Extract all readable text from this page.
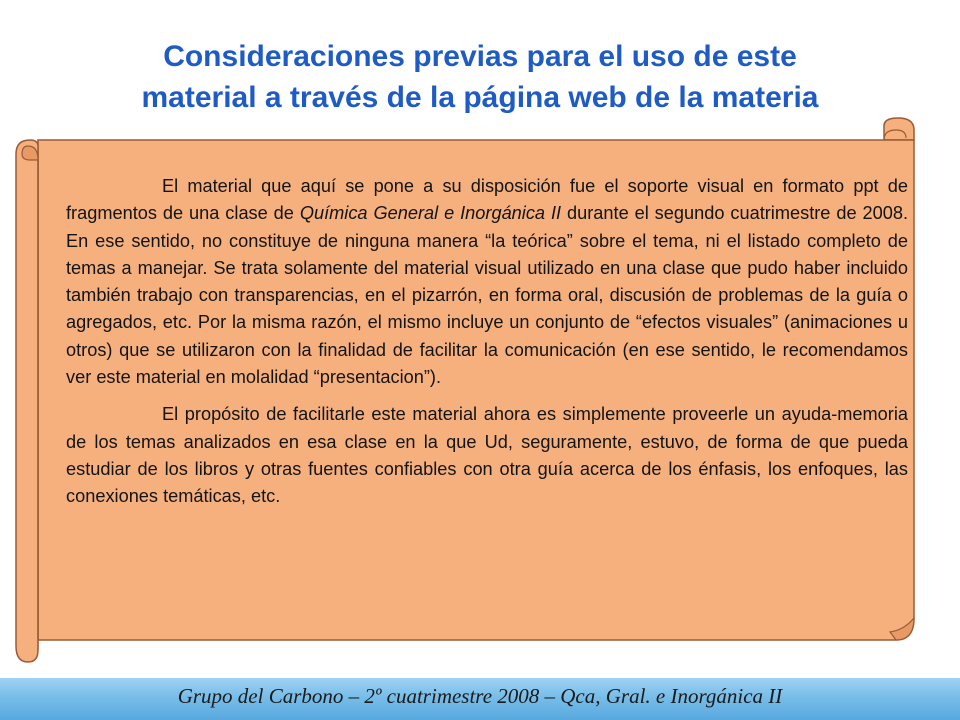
Consideraciones previas para el uso de este
material a través de la página web de la materia

El material que aquí se pone a su disposición fue el soporte visual en formato ppt de fragmentos de una clase de Química General e Inorgánica II durante el segundo cuatrimestre de 2008. En ese sentido, no constituye de ninguna manera “la teórica” sobre el tema, ni el listado completo de temas a manejar. Se trata solamente del material visual utilizado en una clase que pudo haber incluido también trabajo con transparencias, en el pizarrón, en forma oral, discusión de problemas de la guía o agregados, etc. Por la misma razón, el mismo incluye un conjunto de “efectos visuales” (animaciones u otros) que se utilizaron con la finalidad de facilitar la comunicación (en ese sentido, le recomendamos ver este material en molalidad “presentacion”).

El propósito de facilitarle este material ahora es simplemente proveerle un ayuda-memoria de los temas analizados en esa clase en la que Ud, seguramente, estuvo, de forma de que pueda estudiar de los libros y otras fuentes confiables con otra guía acerca de los énfasis, los enfoques, las conexiones temáticas, etc.

Grupo del Carbono – 2º cuatrimestre 2008 – Qca, Gral. e Inorgánica II
